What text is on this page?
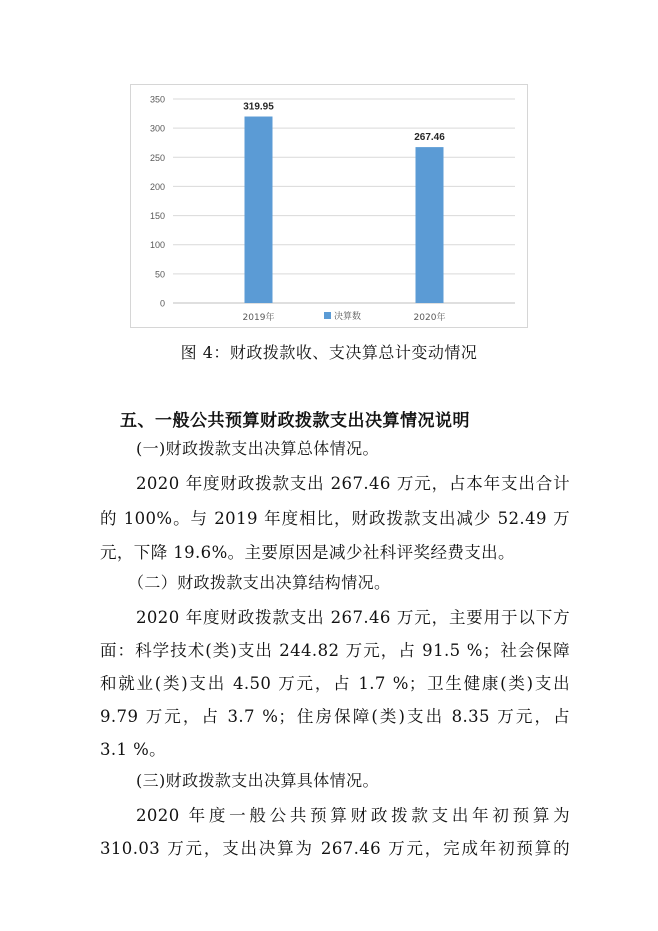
0
50
100
150
200
250
300
350
319.95
2019年
267.46
2020年
决算数
图 4：财政拨款收、支决算总计变动情况
五、一般公共预算财政拨款支出决算情况说明
(一)财政拨款支出决算总体情况。
2020 年度财政拨款支出 267.46 万元，占本年支出合计
的 100%。与 2019 年度相比，财政拨款支出减少 52.49 万
元，下降 19.6%。主要原因是减少社科评奖经费支出。
（二）财政拨款支出决算结构情况。
2020 年度财政拨款支出 267.46 万元，主要用于以下方
面：科学技术(类)支出 244.82 万元，占 91.5 %；社会保障
和就业(类)支出 4.50 万元，占 1.7 %；卫生健康(类)支出
9.79 万元，占 3.7 %；住房保障(类)支出 8.35 万元，占
3.1 %。
(三)财政拨款支出决算具体情况。
2020 年度一般公共预算财政拨款支出年初预算为
310.03 万元，支出决算为 267.46 万元，完成年初预算的
